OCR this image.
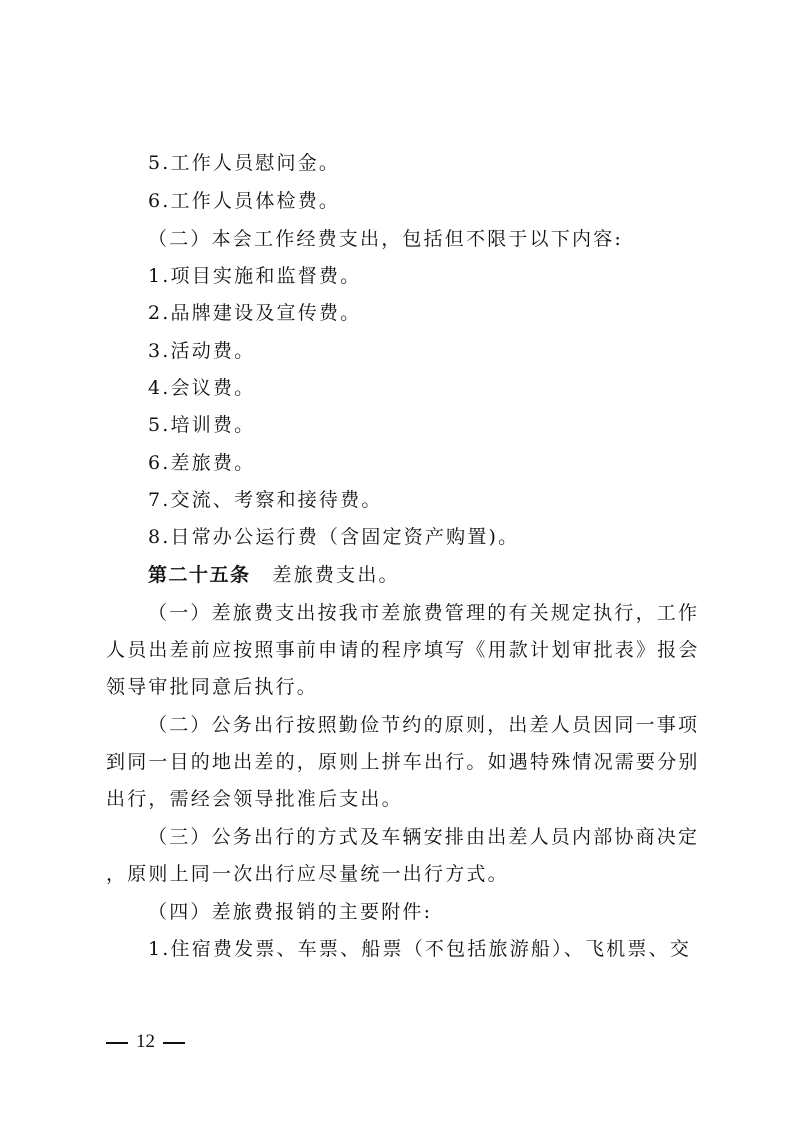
5.工作人员慰问金。
6.工作人员体检费。
（二）本会工作经费支出，包括但不限于以下内容:
1.项目实施和监督费。
2.品牌建设及宣传费。
3.活动费。
4.会议费。
5.培训费。
6.差旅费。
7.交流、考察和接待费。
8.日常办公运行费（含固定资产购置)。
第二十五条 差旅费支出。
（一）差旅费支出按我市差旅费管理的有关规定执行，工作
人员出差前应按照事前申请的程序填写《用款计划审批表》报会
领导审批同意后执行。
（二）公务出行按照勤俭节约的原则，出差人员因同一事项
到同一目的地出差的，原则上拼车出行。如遇特殊情况需要分别
出行，需经会领导批准后支出。
（三）公务出行的方式及车辆安排由出差人员内部协商决定
，原则上同一次出行应尽量统一出行方式。
（四）差旅费报销的主要附件:
1.住宿费发票、车票、船票（不包括旅游船）、飞机票、交
12
